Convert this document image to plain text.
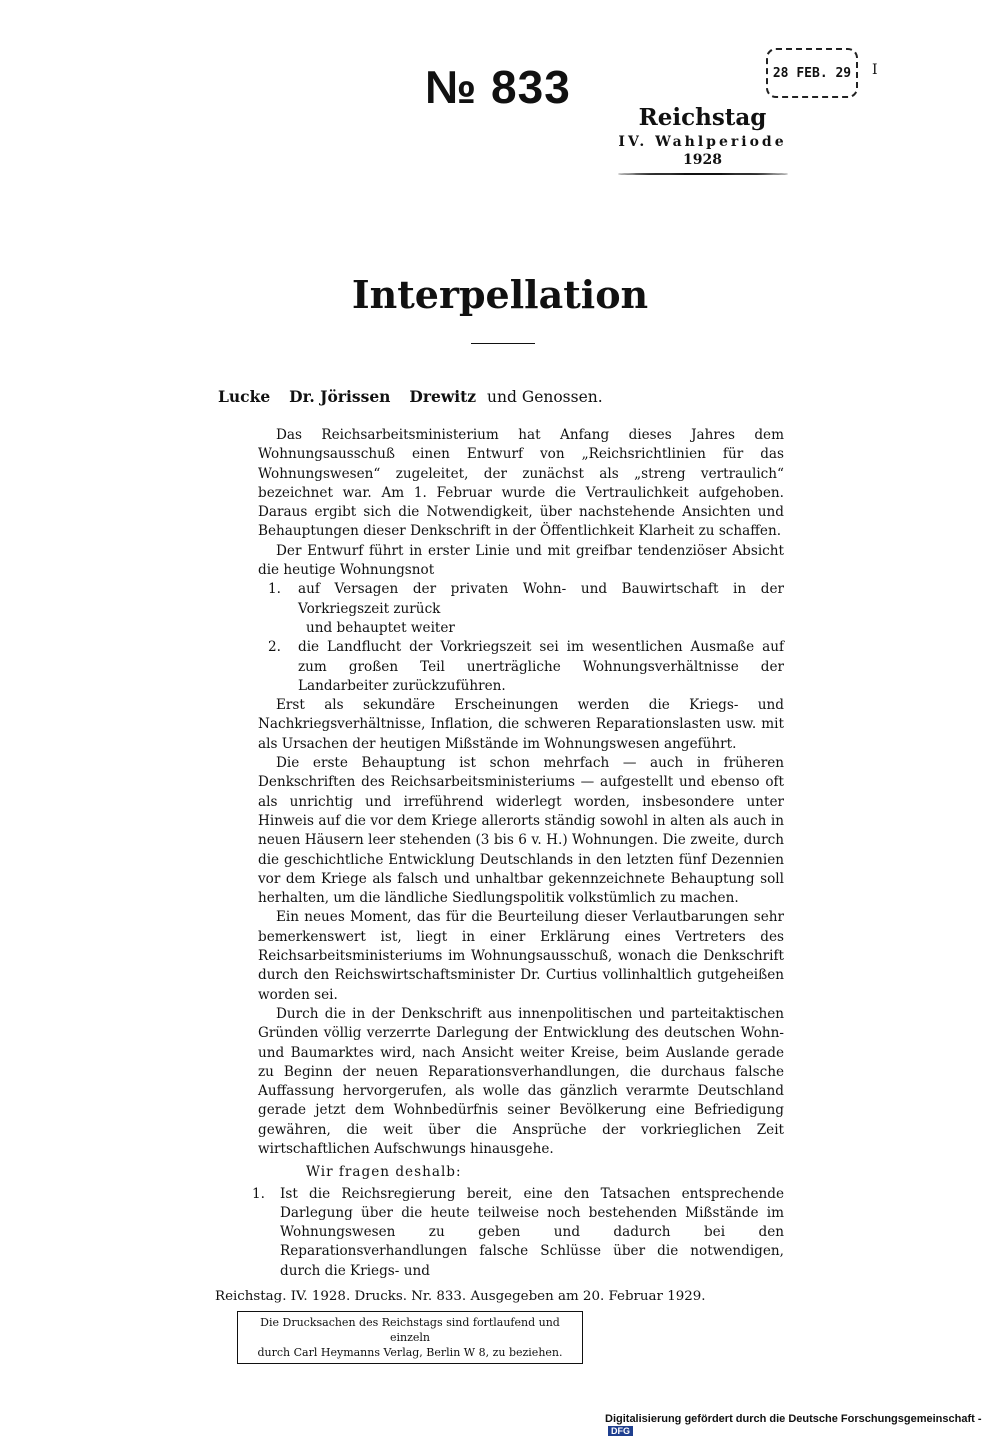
№ 833	28 FEB. 29	I
Reichstag
IV. Wahlperiode
1928
Interpellation
Lucke Dr. Jörissen Drewitz und Genossen.

Das Reichsarbeitsministerium hat Anfang dieses Jahres dem Wohnungsausschuß einen Entwurf von „Reichsrichtlinien für das Wohnungswesen“ zugeleitet, der zunächst als „streng vertraulich“ bezeichnet war. Am 1. Februar wurde die Vertraulichkeit aufgehoben. Daraus ergibt sich die Notwendigkeit, über nachstehende Ansichten und Behauptungen dieser Denkschrift in der Öffentlichkeit Klarheit zu schaffen.

Der Entwurf führt in erster Linie und mit greifbar tendenziöser Absicht die heutige Wohnungsnot

1.	auf Versagen der privaten Wohn- und Bauwirtschaft in der Vorkriegszeit zurück

und behauptet weiter

2.	die Landflucht der Vorkriegszeit sei im wesentlichen Ausmaße auf zum großen Teil unerträgliche Wohnungsverhältnisse der Landarbeiter zurückzuführen.

Erst als sekundäre Erscheinungen werden die Kriegs- und Nachkriegsverhältnisse, Inflation, die schweren Reparationslasten usw. mit als Ursachen der heutigen Mißstände im Wohnungswesen angeführt.

Die erste Behauptung ist schon mehrfach — auch in früheren Denkschriften des Reichsarbeitsministeriums — aufgestellt und ebenso oft als unrichtig und irreführend widerlegt worden, insbesondere unter Hinweis auf die vor dem Kriege allerorts ständig sowohl in alten als auch in neuen Häusern leer stehenden (3 bis 6 v. H.) Wohnungen. Die zweite, durch die geschichtliche Entwicklung Deutschlands in den letzten fünf Dezennien vor dem Kriege als falsch und unhaltbar gekennzeichnete Behauptung soll herhalten, um die ländliche Siedlungspolitik volkstümlich zu machen.

Ein neues Moment, das für die Beurteilung dieser Verlautbarungen sehr bemerkenswert ist, liegt in einer Erklärung eines Vertreters des Reichsarbeitsministeriums im Wohnungsausschuß, wonach die Denkschrift durch den Reichswirtschaftsminister Dr. Curtius vollinhaltlich gutgeheißen worden sei.

Durch die in der Denkschrift aus innenpolitischen und parteitaktischen Gründen völlig verzerrte Darlegung der Entwicklung des deutschen Wohn- und Baumarktes wird, nach Ansicht weiter Kreise, beim Auslande gerade zu Beginn der neuen Reparationsverhandlungen, die durchaus falsche Auffassung hervorgerufen, als wolle das gänzlich verarmte Deutschland gerade jetzt dem Wohnbedürfnis seiner Bevölkerung eine Befriedigung gewähren, die weit über die Ansprüche der vorkrieglichen Zeit wirtschaftlichen Aufschwungs hinausgehe.

Wir fragen deshalb:

1.	Ist die Reichsregierung bereit, eine den Tatsachen entsprechende Darlegung über die heute teilweise noch bestehenden Mißstände im Wohnungswesen zu geben und dadurch bei den Reparationsverhandlungen falsche Schlüsse über die notwendigen, durch die Kriegs- und
Reichstag. IV. 1928. Drucks. Nr. 833. Ausgegeben am 20. Februar 1929.
Die Drucksachen des Reichstags sind fortlaufend und einzeln
durch Carl Heymanns Verlag, Berlin W 8, zu beziehen.
Digitalisierung gefördert durch die Deutsche Forschungsgemeinschaft - DFG
